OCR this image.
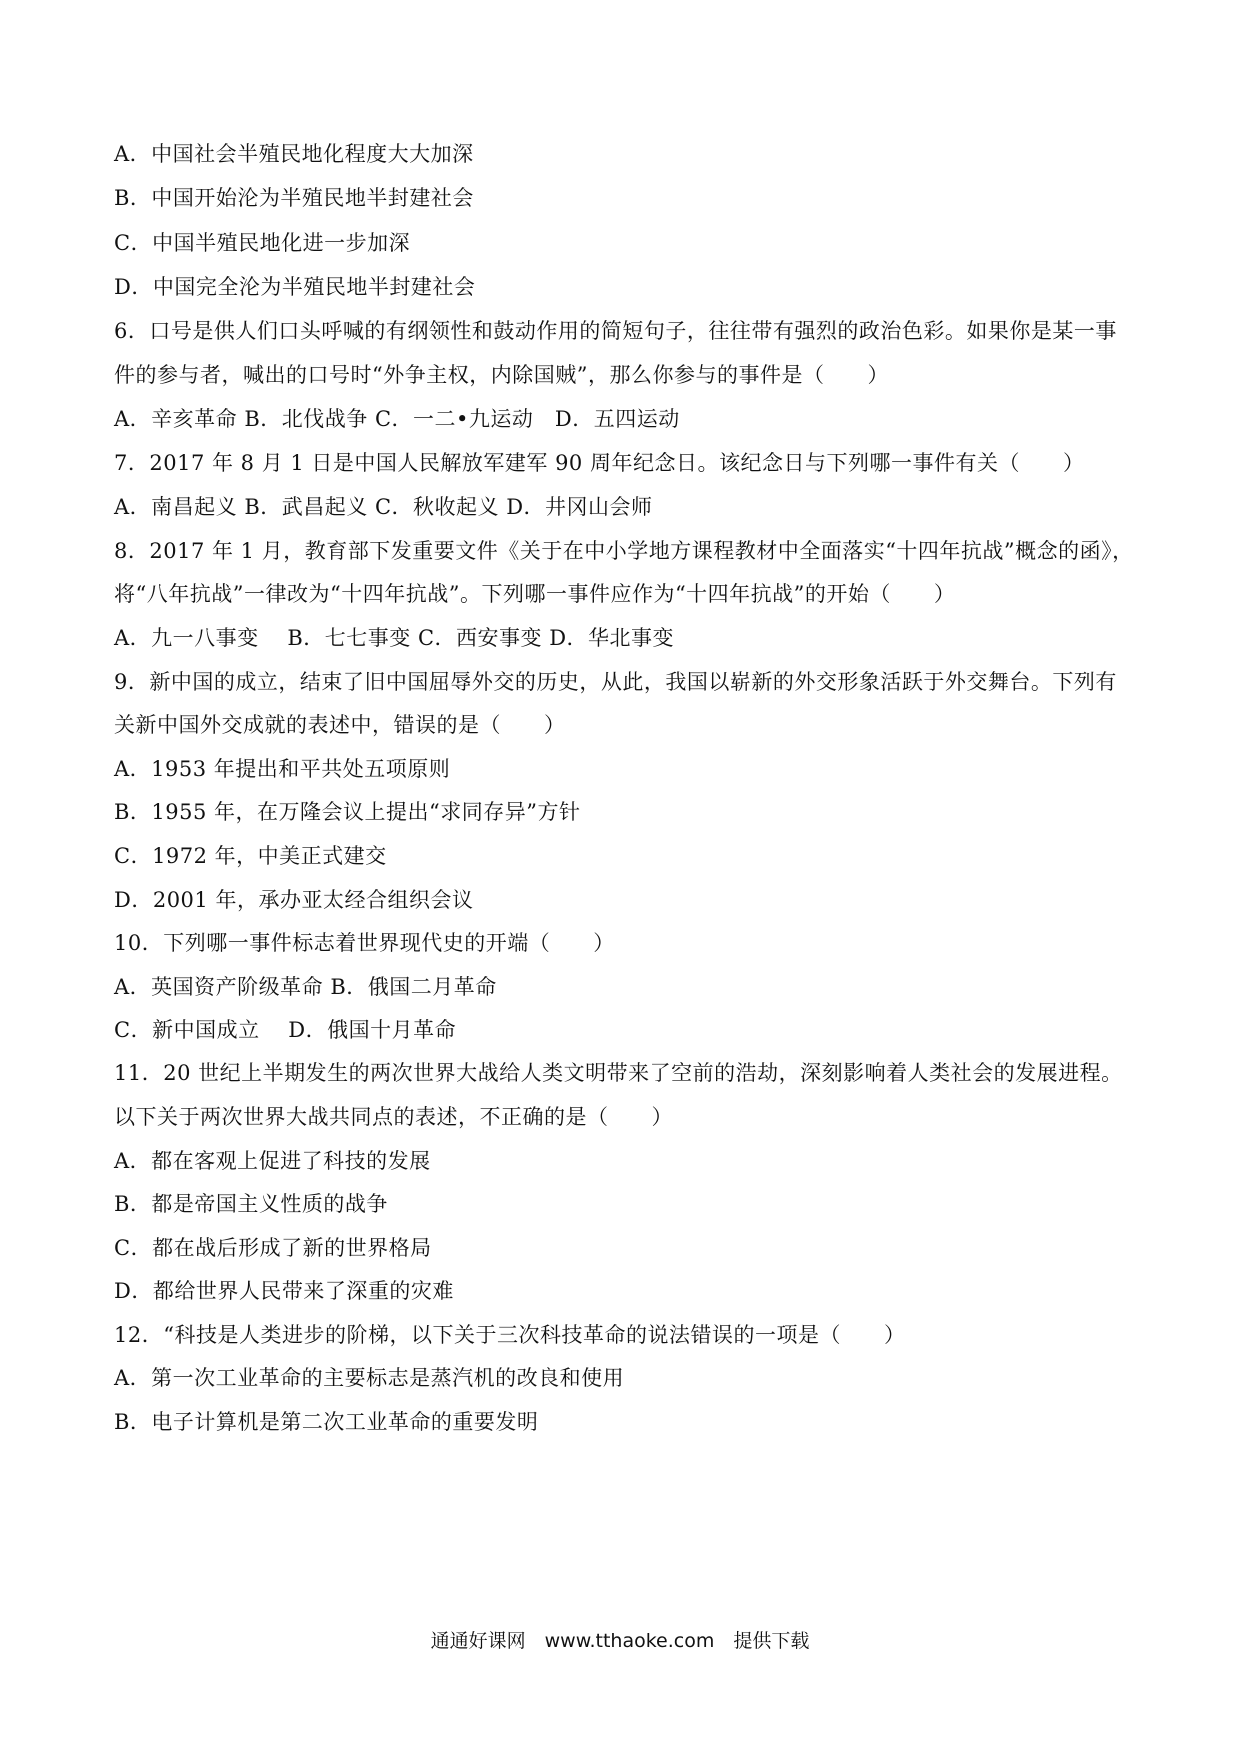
A．中国社会半殖民地化程度大大加深
B．中国开始沦为半殖民地半封建社会
C．中国半殖民地化进一步加深
D．中国完全沦为半殖民地半封建社会
6．口号是供人们口头呼喊的有纲领性和鼓动作用的简短句子，往往带有强烈的政治色彩。如果你是某一事
件的参与者，喊出的口号时“外争主权，内除国贼”，那么你参与的事件是（　　）
A．辛亥革命 B．北伐战争 C．一二•九运动　D．五四运动
7．2017 年 8 月 1 日是中国人民解放军建军 90 周年纪念日。该纪念日与下列哪一事件有关（　　）
A．南昌起义 B．武昌起义 C．秋收起义 D．井冈山会师
8．2017 年 1 月，教育部下发重要文件《关于在中小学地方课程教材中全面落实“十四年抗战”概念的函》，
将“八年抗战”一律改为“十四年抗战”。下列哪一事件应作为“十四年抗战”的开始（　　）
A．九一八事变　 B．七七事变 C．西安事变 D．华北事变
9．新中国的成立，结束了旧中国屈辱外交的历史，从此，我国以崭新的外交形象活跃于外交舞台。下列有
关新中国外交成就的表述中，错误的是（　　）
A．1953 年提出和平共处五项原则
B．1955 年，在万隆会议上提出“求同存异”方针
C．1972 年，中美正式建交
D．2001 年，承办亚太经合组织会议
10．下列哪一事件标志着世界现代史的开端（　　）
A．英国资产阶级革命 B．俄国二月革命
C．新中国成立　 D．俄国十月革命
11．20 世纪上半期发生的两次世界大战给人类文明带来了空前的浩劫，深刻影响着人类社会的发展进程。
以下关于两次世界大战共同点的表述，不正确的是（　　）
A．都在客观上促进了科技的发展
B．都是帝国主义性质的战争
C．都在战后形成了新的世界格局
D．都给世界人民带来了深重的灾难
12．“科技是人类进步的阶梯，以下关于三次科技革命的说法错误的一项是（　　）
A．第一次工业革命的主要标志是蒸汽机的改良和使用
B．电子计算机是第二次工业革命的重要发明
通通好课网　www.tthaoke.com　提供下载
